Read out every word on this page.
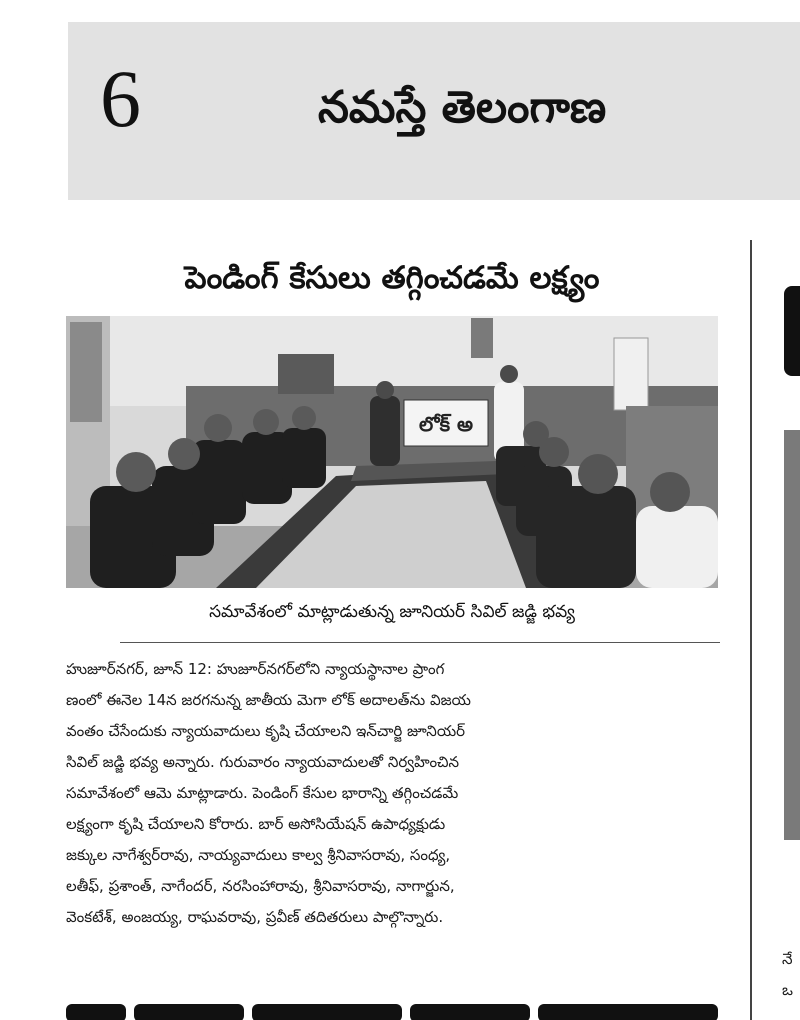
6	నమస్తే తెలంగాణ
పెండింగ్ కేసులు తగ్గించడమే లక్ష్యం
లోక్ అ
సమావేశంలో మాట్లాడుతున్న జూనియర్ సివిల్ జడ్జి భవ్య
హుజూర్‌నగర్, జూన్ 12: హుజూర్‌నగర్‌లోని న్యాయస్థానాల ప్రాంగ
ణంలో ఈనెల 14న జరగనున్న జాతీయ మెగా లోక్ అదాలత్‌ను విజయ
వంతం చేసేందుకు న్యాయవాదులు కృషి చేయాలని ఇన్‌చార్జి జూనియర్
సివిల్ జడ్జి భవ్య అన్నారు. గురువారం న్యాయవాదులతో నిర్వహించిన
సమావేశంలో ఆమె మాట్లాడారు. పెండింగ్ కేసుల భారాన్ని తగ్గించడమే
లక్ష్యంగా కృషి చేయాలని కోరారు. బార్ అసోసియేషన్ ఉపాధ్యక్షుడు
జక్కుల నాగేశ్వర్‌రావు, నాయ్యవాదులు కాల్వ శ్రీనివాసరావు, సంధ్య,
లతీఫ్, ప్రశాంత్, నాగేందర్, నరసింహారావు, శ్రీనివాసరావు, నాగార్జున,
వెంకటేశ్, అంజయ్య, రాఘవరావు, ప్రవీణ్ తదితరులు పాల్గొన్నారు.
నే
ఒ
